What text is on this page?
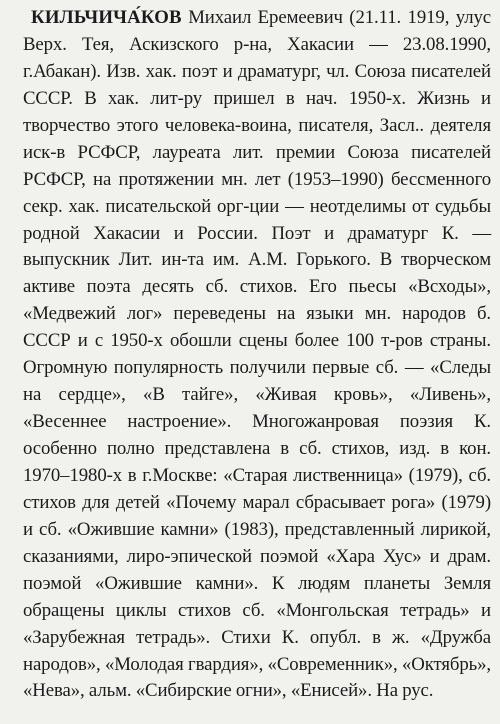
КИЛЬЧИЧА́КОВ Михаил Еремеевич (21.11. 1919, улус Верх. Тея, Аскизского р-на, Хакасии — 23.08.1990, г.Абакан). Изв. хак. поэт и драматург, чл. Союза писателей СССР. В хак. лит-ру пришел в нач. 1950-х. Жизнь и творчество этого человека-воина, писателя, Засл.. деятеля иск-в РСФСР, лауреата лит. премии Союза писателей РСФСР, на протяжении мн. лет (1953–1990) бессменного секр. хак. писательской орг-ции — неотделимы от судьбы родной Хакасии и России. Поэт и драматург К. — выпускник Лит. ин-та им. А.М. Горького. В творческом активе поэта десять сб. стихов. Его пьесы «Всходы», «Медвежий лог» переведены на языки мн. народов б. СССР и с 1950-х обошли сцены более 100 т-ров страны. Огромную популярность получили первые сб. — «Следы на сердце», «В тайге», «Живая кровь», «Ливень», «Весеннее настроение». Многожанровая поэзия К. особенно полно представлена в сб. стихов, изд. в кон. 1970–1980-х в г.Москве: «Старая лиственница» (1979), сб. стихов для детей «Почему марал сбрасывает рога» (1979) и сб. «Ожившие камни» (1983), представленный лирикой, сказаниями, лиро-эпической поэмой «Хара Хус» и драм. поэмой «Ожившие камни». К людям планеты Земля обращены циклы стихов сб. «Монгольская тетрадь» и «Зарубежная тетрадь». Стихи К. опубл. в ж. «Дружба народов», «Молодая гвардия», «Современник», «Октябрь», «Нева», альм. «Сибирские огни», «Енисей». На рус.
